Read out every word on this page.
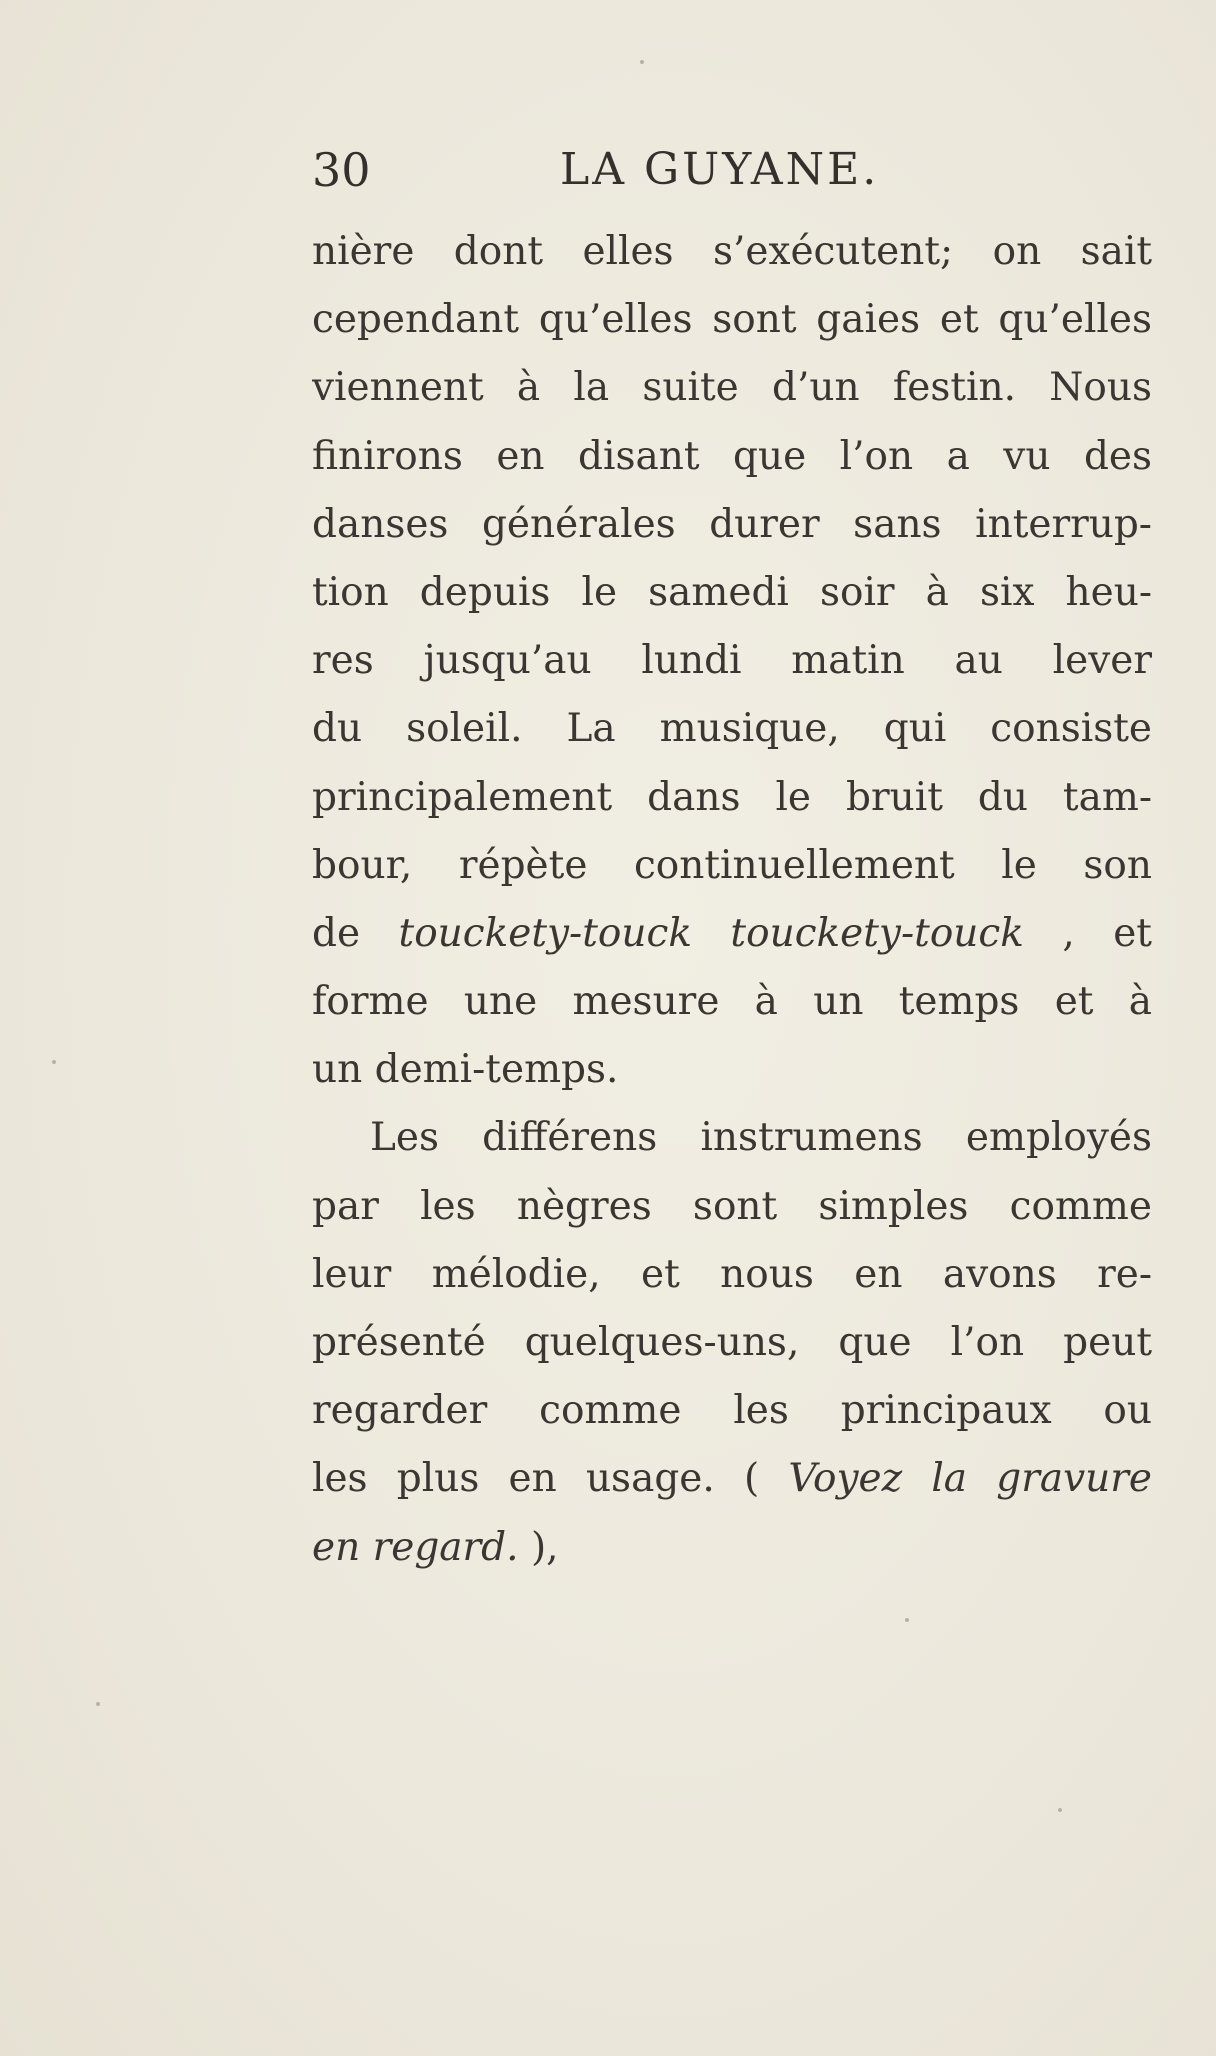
30	LA GUYANE.
nière dont elles s’exécutent; on sait
cependant qu’elles sont gaies et qu’elles
viennent à la suite d’un festin. Nous
finirons en disant que l’on a vu des
danses générales durer sans interrup-
tion depuis le samedi soir à six heu-
res jusqu’au lundi matin au lever
du soleil. La musique, qui consiste
principalement dans le bruit du tam-
bour, répète continuellement le son
de touckety-touck touckety-touck , et
forme une mesure à un temps et à
un demi-temps.
Les différens instrumens employés
par les nègres sont simples comme
leur mélodie, et nous en avons re-
présenté quelques-uns, que l’on peut
regarder comme les principaux ou
les plus en usage. ( Voyez la gravure
en regard. ),
